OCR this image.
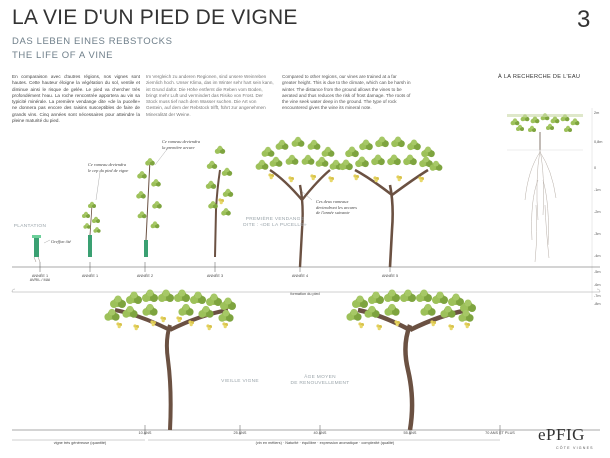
LA VIE D'UN PIED DE VIGNE
DAS LEBEN EINES REBSTOCKS
THE LIFE OF A VINE
3
En comparaison avec d'autres régions, nos vignes sont hautes. Cette hauteur éloigne la végétation du sol, ventile et diminue ainsi le risque de gelée. Le pied va chercher très profondément l'eau. La roche rencontrée apportera au vin sa typicité minérale. La première vendange dite «de la pucelle» ne donnera pas encore des raisins susceptibles de faire de grands vins. Cinq années sont nécessaires pour atteindre la pleine maturité du pied.
Im Vergleich zu anderen Regionen, sind unsere Weinreben ziemlich hoch. Unser Klima, das im Winter sehr hart sein kann, ist Grund dafür. Die Höhe entfernt die Reben vom Boden, bringt mehr Luft und vermindert das Risiko von Frost. Der Stock muss tief nach dem Wasser suchen. Die Art von Gestein, auf dem der Rebstock trifft, führt zur angenehmen Mineralität der Weine.
Compared to other regions, our vines are trained at a far greater height. This is due to the climate, which can be harsh in winter. The distance from the ground allows the vines to be aerated and thus reduces the risk of frost damage. The roots of the vine seek water deep in the ground. The type of rock encountered gives the wine its mineral note.
À LA RECHERCHE DE L'EAU
2m
0,8m
0
-1m
-2m
-3m
-4m
-5m
-6m
-7m
-8m
PLANTATION
Greffon ôté
Ce rameau deviendra
le cep du pied de vigne
Ce rameau deviendra
la première arcure
Ces deux rameaux
deviendront les arcures
de l'année suivante
PREMIÈRE VENDANGE
DITE : «DE LA PUCELLE»
ANNÉE 1
AVRIL / MAI
ANNÉE 1	ANNÉE 2	ANNÉE 3	ANNÉE 4	ANNÉE 5
formation du pied
VIEILLE VIGNE
ÂGE MOYEN
DE RENOUVELLEMENT
10 ANS	25 ANS	40 ANS	55 ANS	70 ANS ET PLUS
vigne très généreuse (quantité)	(vin en métiers) · Naturité · équilibre · expression aromatique · complexité (qualité)	ePFIG
CÔTE VIGNES
